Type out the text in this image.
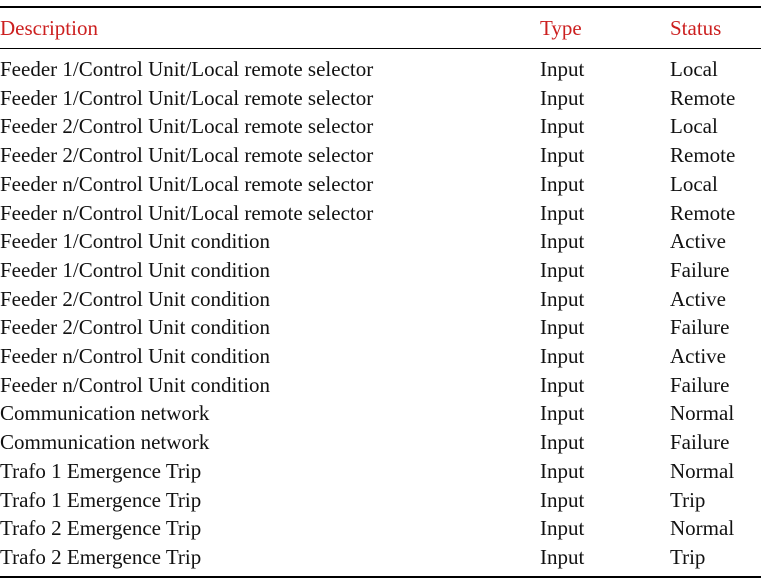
Description	Type	Status

Feeder 1/Control Unit/Local remote selector	Input	Local
Feeder 1/Control Unit/Local remote selector	Input	Remote
Feeder 2/Control Unit/Local remote selector	Input	Local
Feeder 2/Control Unit/Local remote selector	Input	Remote
Feeder n/Control Unit/Local remote selector	Input	Local
Feeder n/Control Unit/Local remote selector	Input	Remote
Feeder 1/Control Unit condition	Input	Active
Feeder 1/Control Unit condition	Input	Failure
Feeder 2/Control Unit condition	Input	Active
Feeder 2/Control Unit condition	Input	Failure
Feeder n/Control Unit condition	Input	Active
Feeder n/Control Unit condition	Input	Failure
Communication network	Input	Normal
Communication network	Input	Failure
Trafo 1 Emergence Trip	Input	Normal
Trafo 1 Emergence Trip	Input	Trip
Trafo 2 Emergence Trip	Input	Normal
Trafo 2 Emergence Trip	Input	Trip
